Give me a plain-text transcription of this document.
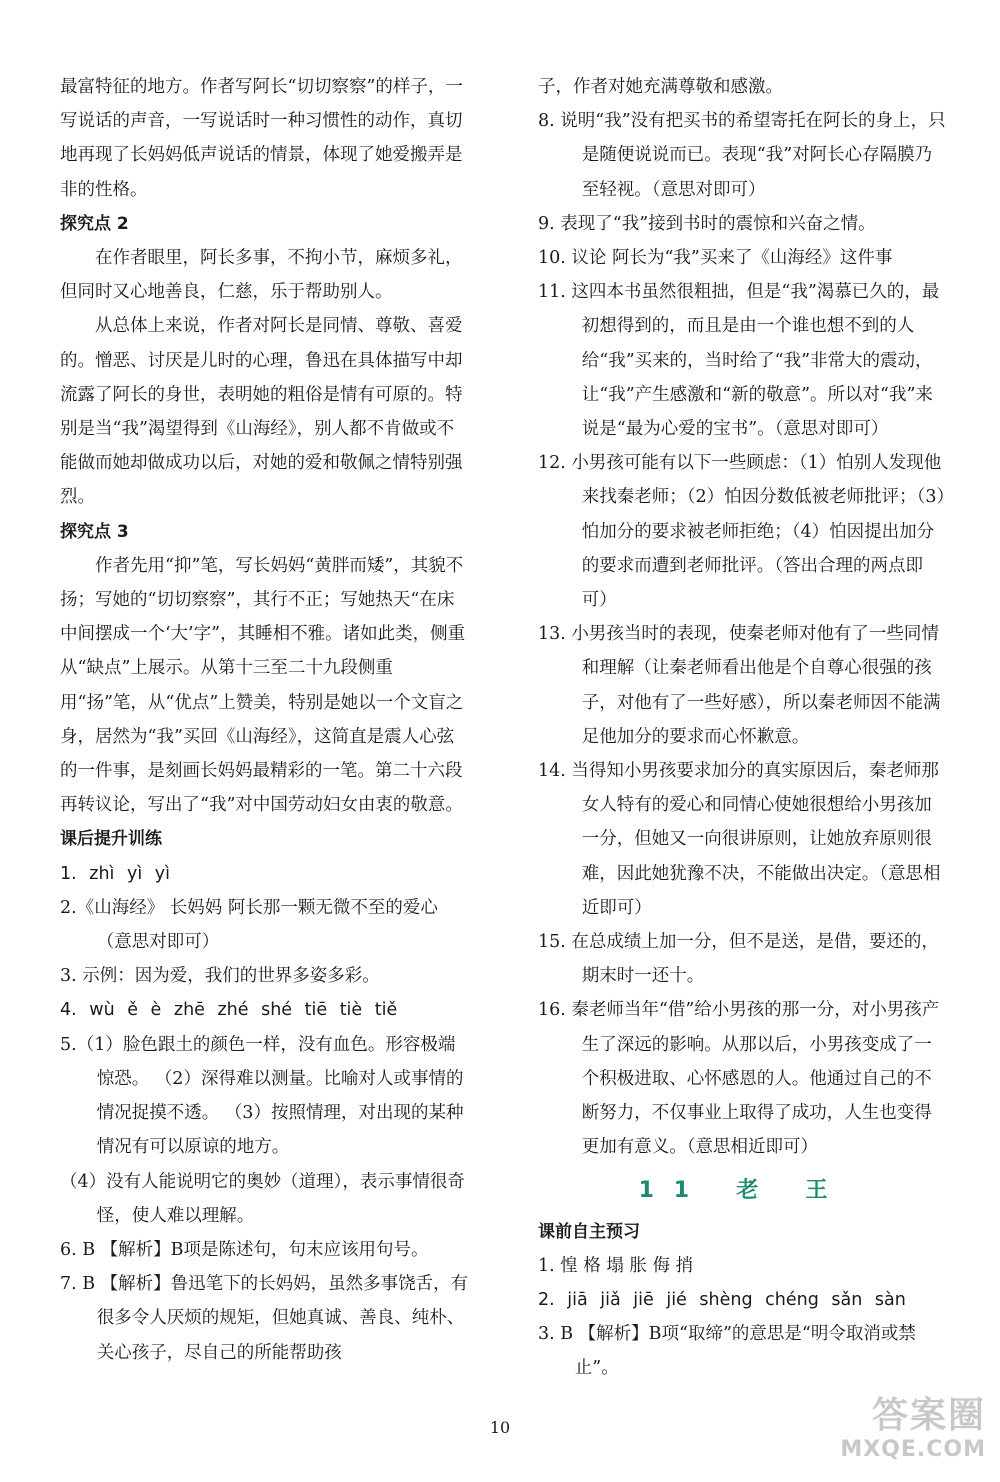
最富特征的地方。作者写阿长“切切察察”的样子，一写说话的声音，一写说话时一种习惯性的动作，真切地再现了长妈妈低声说话的情景，体现了她爱搬弄是非的性格。

探究点 2

在作者眼里，阿长多事，不拘小节，麻烦多礼，但同时又心地善良，仁慈，乐于帮助别人。

从总体上来说，作者对阿长是同情、尊敬、喜爱的。憎恶、讨厌是儿时的心理，鲁迅在具体描写中却流露了阿长的身世，表明她的粗俗是情有可原的。特别是当“我”渴望得到《山海经》，别人都不肯做或不能做而她却做成功以后，对她的爱和敬佩之情特别强烈。

探究点 3

作者先用“抑”笔，写长妈妈“黄胖而矮”，其貌不扬；写她的“切切察察”，其行不正；写她热天“在床中间摆成一个‘大’字”，其睡相不雅。诸如此类，侧重从“缺点”上展示。从第十三至二十九段侧重用“扬”笔，从“优点”上赞美，特别是她以一个文盲之身，居然为“我”买回《山海经》，这简直是震人心弦的一件事，是刻画长妈妈最精彩的一笔。第二十六段再转议论，写出了“我”对中国劳动妇女由衷的敬意。

课后提升训练

1. zhì yì yì

2.《山海经》 长妈妈 阿长那一颗无微不至的爱心（意思对即可）

3. 示例：因为爱，我们的世界多姿多彩。

4. wù ě è zhē zhé shé tiē tiè tiě

5.（1）脸色跟土的颜色一样，没有血色。形容极端惊恐。 （2）深得难以测量。比喻对人或事情的情况捉摸不透。 （3）按照情理，对出现的某种情况有可以原谅的地方。

（4）没有人能说明它的奥妙（道理），表示事情很奇怪，使人难以理解。

6. B 【解析】B项是陈述句，句末应该用句号。

7. B 【解析】鲁迅笔下的长妈妈，虽然多事饶舌，有很多令人厌烦的规矩，但她真诚、善良、纯朴、关心孩子，尽自己的所能帮助孩

子，作者对她充满尊敬和感激。

8. 说明“我”没有把买书的希望寄托在阿长的身上，只是随便说说而已。表现“我”对阿长心存隔膜乃至轻视。（意思对即可）

9. 表现了“我”接到书时的震惊和兴奋之情。

10. 议论 阿长为“我”买来了《山海经》这件事

11. 这四本书虽然很粗拙，但是“我”渴慕已久的，最初想得到的，而且是由一个谁也想不到的人给“我”买来的，当时给了“我”非常大的震动，让“我”产生感激和“新的敬意”。所以对“我”来说是“最为心爱的宝书”。（意思对即可）

12. 小男孩可能有以下一些顾虑：（1）怕别人发现他来找秦老师；（2）怕因分数低被老师批评；（3）怕加分的要求被老师拒绝；（4）怕因提出加分的要求而遭到老师批评。（答出合理的两点即可）

13. 小男孩当时的表现，使秦老师对他有了一些同情和理解（让秦老师看出他是个自尊心很强的孩子，对他有了一些好感），所以秦老师因不能满足他加分的要求而心怀歉意。

14. 当得知小男孩要求加分的真实原因后，秦老师那女人特有的爱心和同情心使她很想给小男孩加一分，但她又一向很讲原则，让她放弃原则很难，因此她犹豫不决，不能做出决定。（意思相近即可）

15. 在总成绩上加一分，但不是送，是借，要还的，期末时一还十。

16. 秦老师当年“借”给小男孩的那一分，对小男孩产生了深远的影响。从那以后，小男孩变成了一个积极进取、心怀感恩的人。他通过自己的不断努力，不仅事业上取得了成功，人生也变得更加有意义。（意思相近即可）

11 老 王

课前自主预习

1. 惶 格 塌 胀 侮 捎

2. jiā jiǎ jiē jié shèng chéng sǎn sàn

3. B 【解析】B项“取缔”的意思是“明令取消或禁止”。

10	答案圈
MXQE.COM
